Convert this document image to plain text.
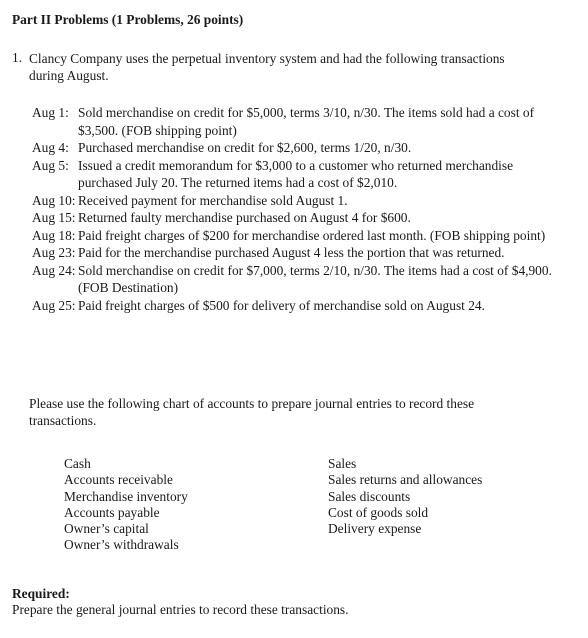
Part II Problems (1 Problems, 26 points)
1. Clancy Company uses the perpetual inventory system and had the following transactions
during August.
Aug 1: Sold merchandise on credit for $5,000, terms 3/10, n/30. The items sold had a cost of $3,500. (FOB shipping point)
Aug 4: Purchased merchandise on credit for $2,600, terms 1/20, n/30.
Aug 5: Issued a credit memorandum for $3,000 to a customer who returned merchandise purchased July 20. The returned items had a cost of $2,010.
Aug 10: Received payment for merchandise sold August 1.
Aug 15: Returned faulty merchandise purchased on August 4 for $600.
Aug 18: Paid freight charges of $200 for merchandise ordered last month. (FOB shipping point)
Aug 23: Paid for the merchandise purchased August 4 less the portion that was returned.
Aug 24: Sold merchandise on credit for $7,000, terms 2/10, n/30. The items had a cost of $4,900. (FOB Destination)
Aug 25: Paid freight charges of $500 for delivery of merchandise sold on August 24.
Please use the following chart of accounts to prepare journal entries to record these transactions.
Cash
Accounts receivable
Merchandise inventory
Accounts payable
Owner’s capital
Owner’s withdrawals
Sales
Sales returns and allowances
Sales discounts
Cost of goods sold
Delivery expense
Required:
Prepare the general journal entries to record these transactions.
